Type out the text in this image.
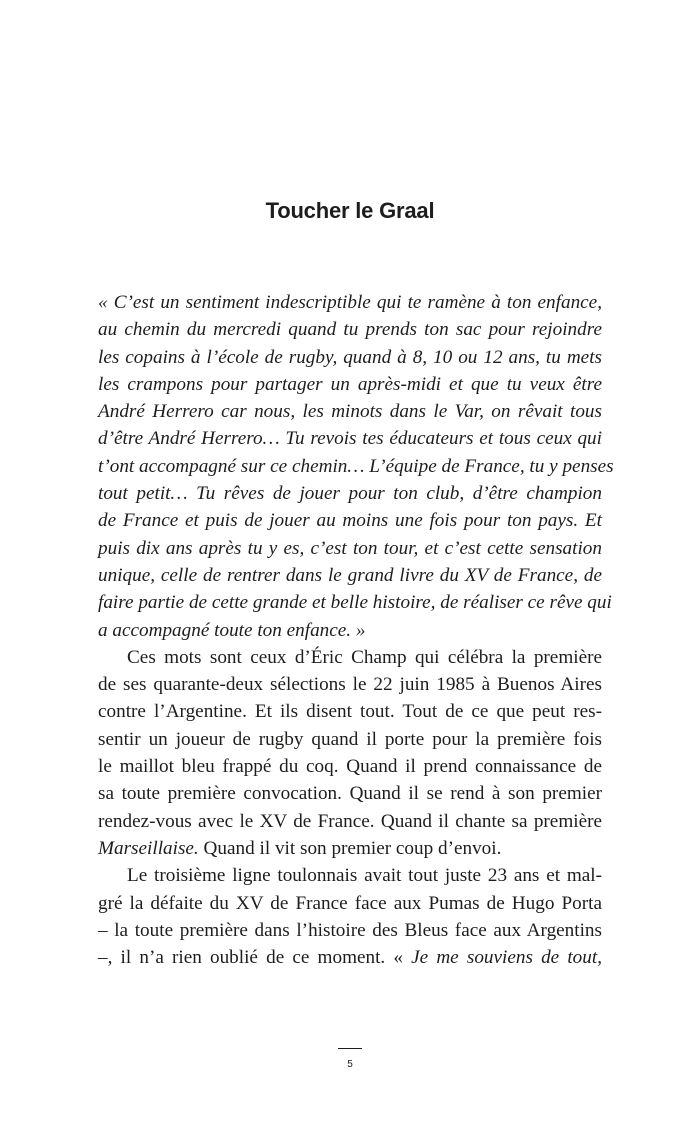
Toucher le Graal
« C’est un sentiment indescriptible qui te ramène à ton enfance,
au chemin du mercredi quand tu prends ton sac pour rejoindre
les copains à l’école de rugby, quand à 8, 10 ou 12 ans, tu mets
les crampons pour partager un après-midi et que tu veux être
André Herrero car nous, les minots dans le Var, on rêvait tous
d’être André Herrero… Tu revois tes éducateurs et tous ceux qui
t’ont accompagné sur ce chemin… L’équipe de France, tu y penses
tout petit… Tu rêves de jouer pour ton club, d’être champion
de France et puis de jouer au moins une fois pour ton pays. Et
puis dix ans après tu y es, c’est ton tour, et c’est cette sensation
unique, celle de rentrer dans le grand livre du XV de France, de
faire partie de cette grande et belle histoire, de réaliser ce rêve qui
a accompagné toute ton enfance. »
Ces mots sont ceux d’Éric Champ qui célébra la première
de ses quarante-deux sélections le 22 juin 1985 à Buenos Aires
contre l’Argentine. Et ils disent tout. Tout de ce que peut res-
sentir un joueur de rugby quand il porte pour la première fois
le maillot bleu frappé du coq. Quand il prend connaissance de
sa toute première convocation. Quand il se rend à son premier
rendez-vous avec le XV de France. Quand il chante sa première
Marseillaise. Quand il vit son premier coup d’envoi.
Le troisième ligne toulonnais avait tout juste 23 ans et mal-
gré la défaite du XV de France face aux Pumas de Hugo Porta
– la toute première dans l’histoire des Bleus face aux Argentins
–, il n’a rien oublié de ce moment. « Je me souviens de tout,
5
